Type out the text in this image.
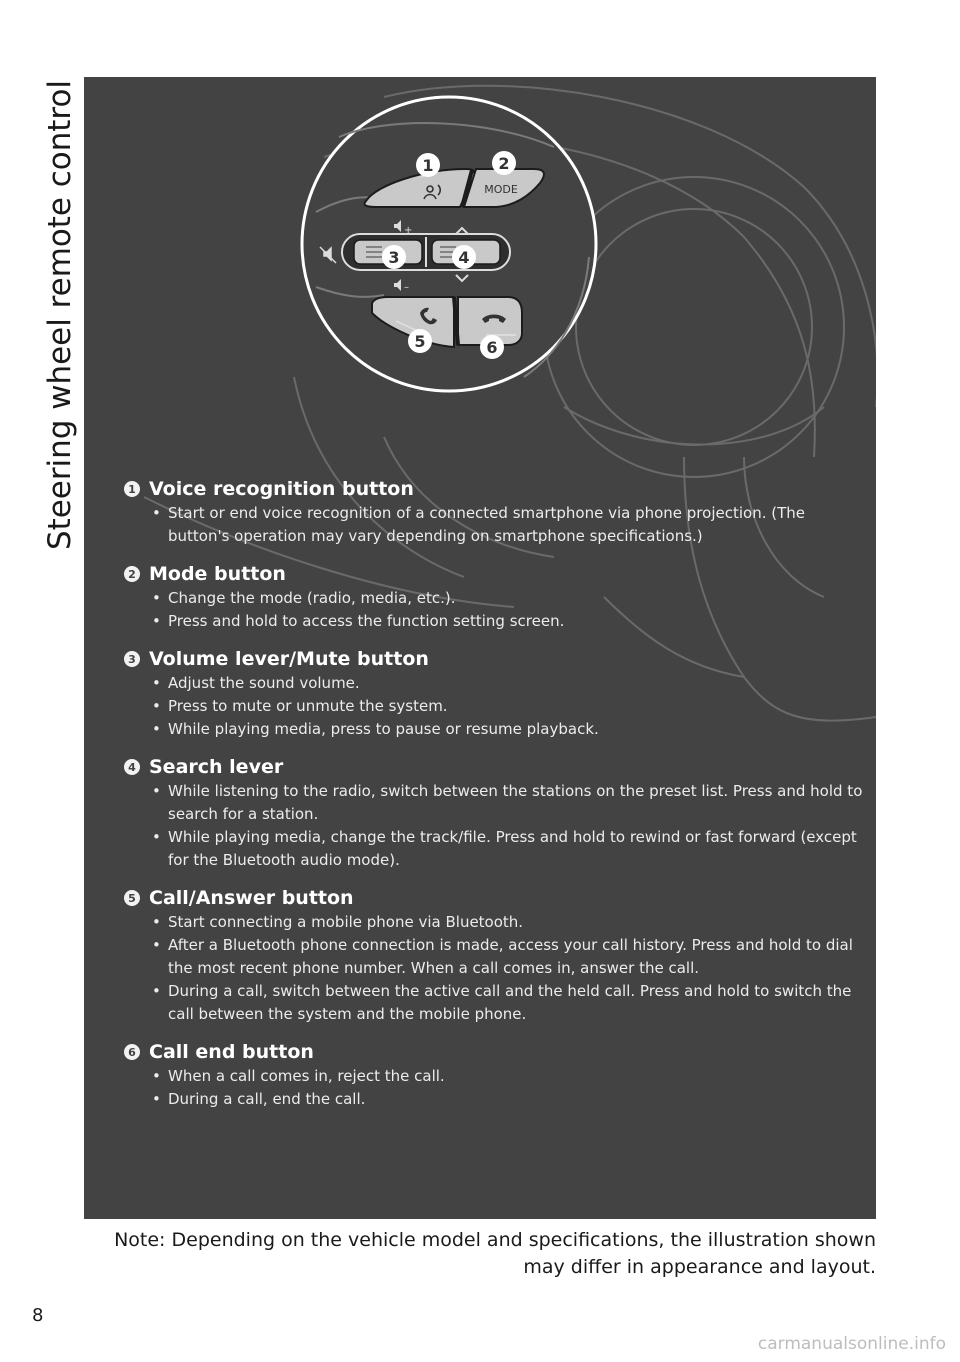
Steering wheel remote control	MODE
+
–
1	2
3	4
5	6
1 Voice recognition button
• Start or end voice recognition of a connected smartphone via phone projection. (The button's operation may vary depending on smartphone specifications.)
2 Mode button
• Change the mode (radio, media, etc.).
• Press and hold to access the function setting screen.
3 Volume lever/Mute button
• Adjust the sound volume.
• Press to mute or unmute the system.
• While playing media, press to pause or resume playback.
4 Search lever
• While listening to the radio, switch between the stations on the preset list. Press and hold to search for a station.
• While playing media, change the track/file. Press and hold to rewind or fast forward (except for the Bluetooth audio mode).
5 Call/Answer button
• Start connecting a mobile phone via Bluetooth.
• After a Bluetooth phone connection is made, access your call history. Press and hold to dial the most recent phone number. When a call comes in, answer the call.
• During a call, switch between the active call and the held call. Press and hold to switch the call between the system and the mobile phone.
6 Call end button
• When a call comes in, reject the call.
• During a call, end the call.
Note: Depending on the vehicle model and specifications, the illustration shown may differ in appearance and layout.
8
carmanualsonline.info
